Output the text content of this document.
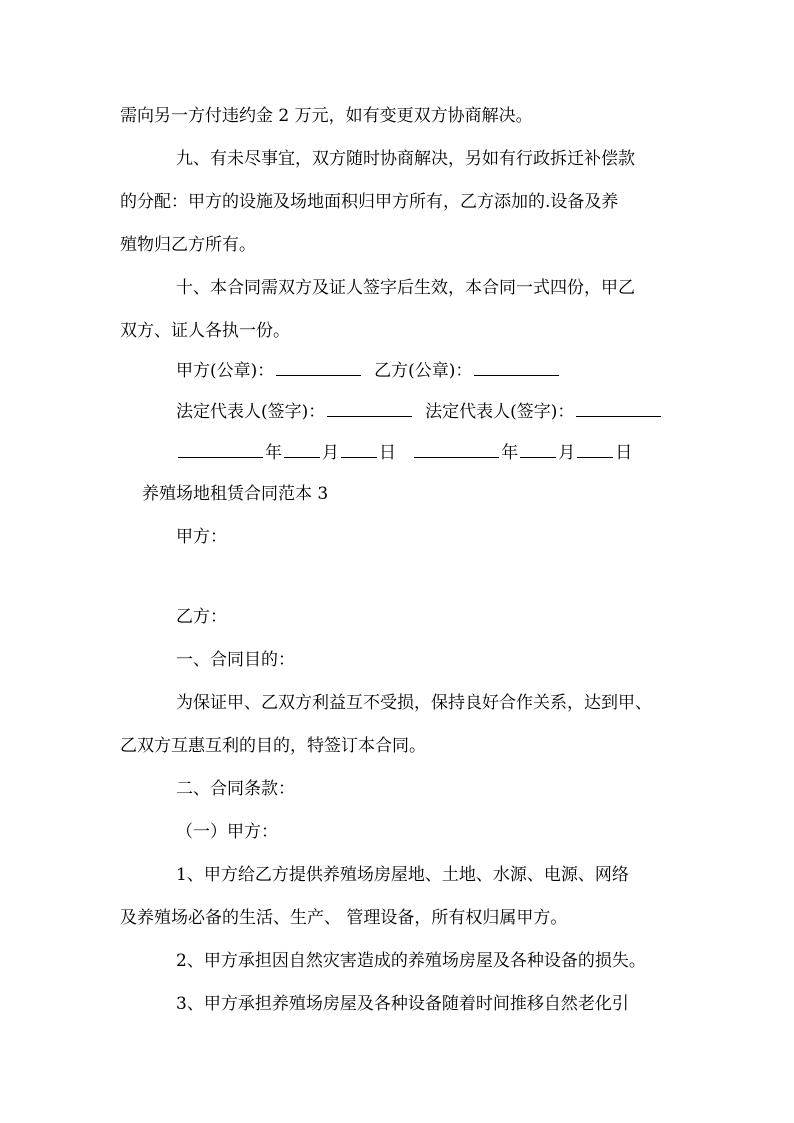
需向另一方付违约金 2 万元，如有变更双方协商解决。
九、有未尽事宜，双方随时协商解决，另如有行政拆迁补偿款
的分配：甲方的设施及场地面积归甲方所有，乙方添加的.设备及养
殖物归乙方所有。
十、本合同需双方及证人签字后生效，本合同一式四份，甲乙
双方、证人各执一份。
甲方(公章)：	乙方(公章)：
法定代表人(签字)：	法定代表人(签字)：
年 月 日	年 月 日
养殖场地租赁合同范本 3
甲方：
乙方：
一、合同目的：
为保证甲、乙双方利益互不受损，保持良好合作关系，达到甲、
乙双方互惠互利的目的，特签订本合同。
二、合同条款：
（一）甲方：
1、甲方给乙方提供养殖场房屋地、土地、水源、电源、网络
及养殖场必备的生活、生产、 管理设备，所有权归属甲方。
2、甲方承担因自然灾害造成的养殖场房屋及各种设备的损失。
3、甲方承担养殖场房屋及各种设备随着时间推移自然老化引
